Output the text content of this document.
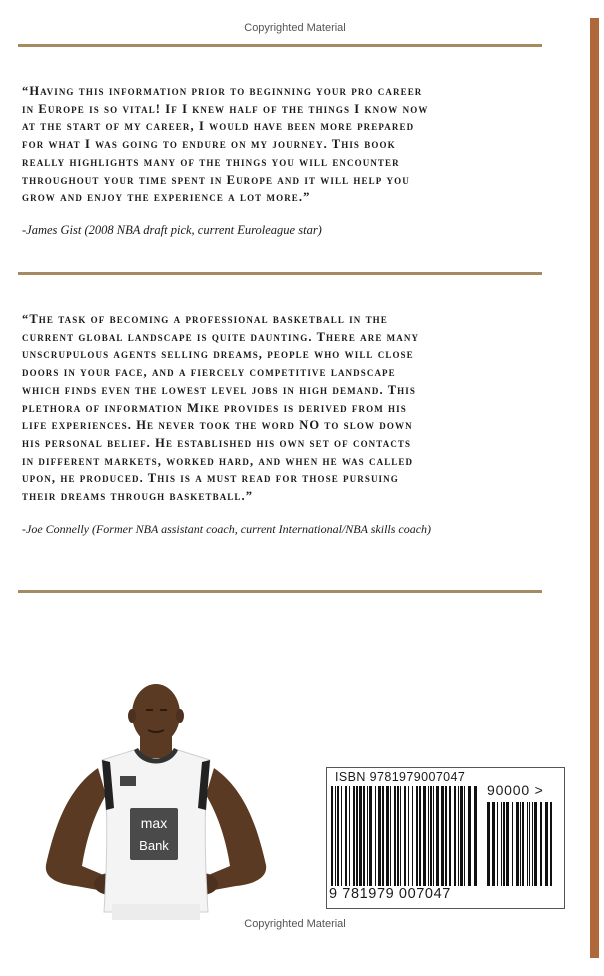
Copyrighted Material
“Having this information prior to beginning your pro career
in Europe is so vital! If I knew half of the things I know now
at the start of my career, I would have been more prepared
for what I was going to endure on my journey. This book
really highlights many of the things you will encounter
throughout your time spent in Europe and it will help you
grow and enjoy the experience a lot more.”
-James Gist (2008 NBA draft pick, current Euroleague star)
“The task of becoming a professional basketball in the
current global landscape is quite daunting. There are many
unscrupulous agents selling dreams, people who will close
doors in your face, and a fiercely competitive landscape
which finds even the lowest level jobs in high demand. This
plethora of information Mike provides is derived from his
life experiences. He never took the word NO to slow down
his personal belief. He established his own set of contacts
in different markets, worked hard, and when he was called
upon, he produced. This is a must read for those pursuing
their dreams through basketball.”
-Joe Connelly (Former NBA assistant coach, current International/NBA skills coach)
max
Bank
ISBN 9781979007047
90000 >
9 781979 007047
Copyrighted Material
